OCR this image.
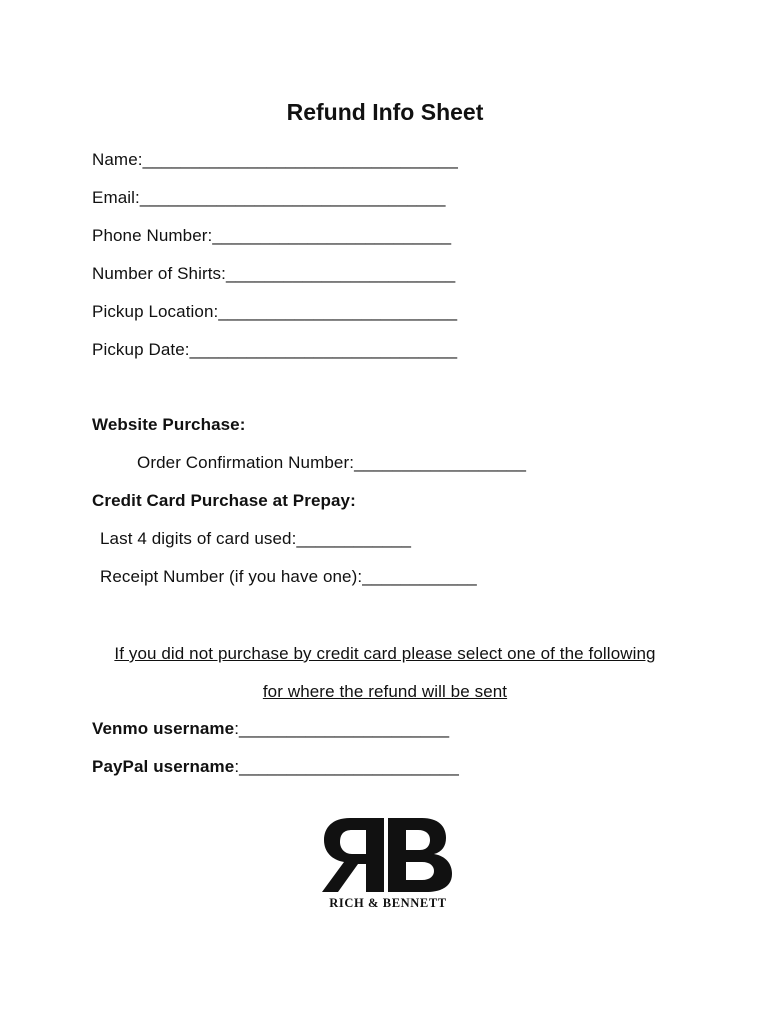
Refund Info Sheet
Name:_________________________________
Email:________________________________
Phone Number:_________________________
Number of Shirts:________________________
Pickup Location:_________________________
Pickup Date:____________________________
Website Purchase:
Order Confirmation Number:__________________
Credit Card Purchase at Prepay:
Last 4 digits of card used:____________
Receipt Number (if you have one):____________
If you did not purchase by credit card please select one of the following
for where the refund will be sent
Venmo username:______________________
PayPal username:_______________________
RICH & BENNETT
